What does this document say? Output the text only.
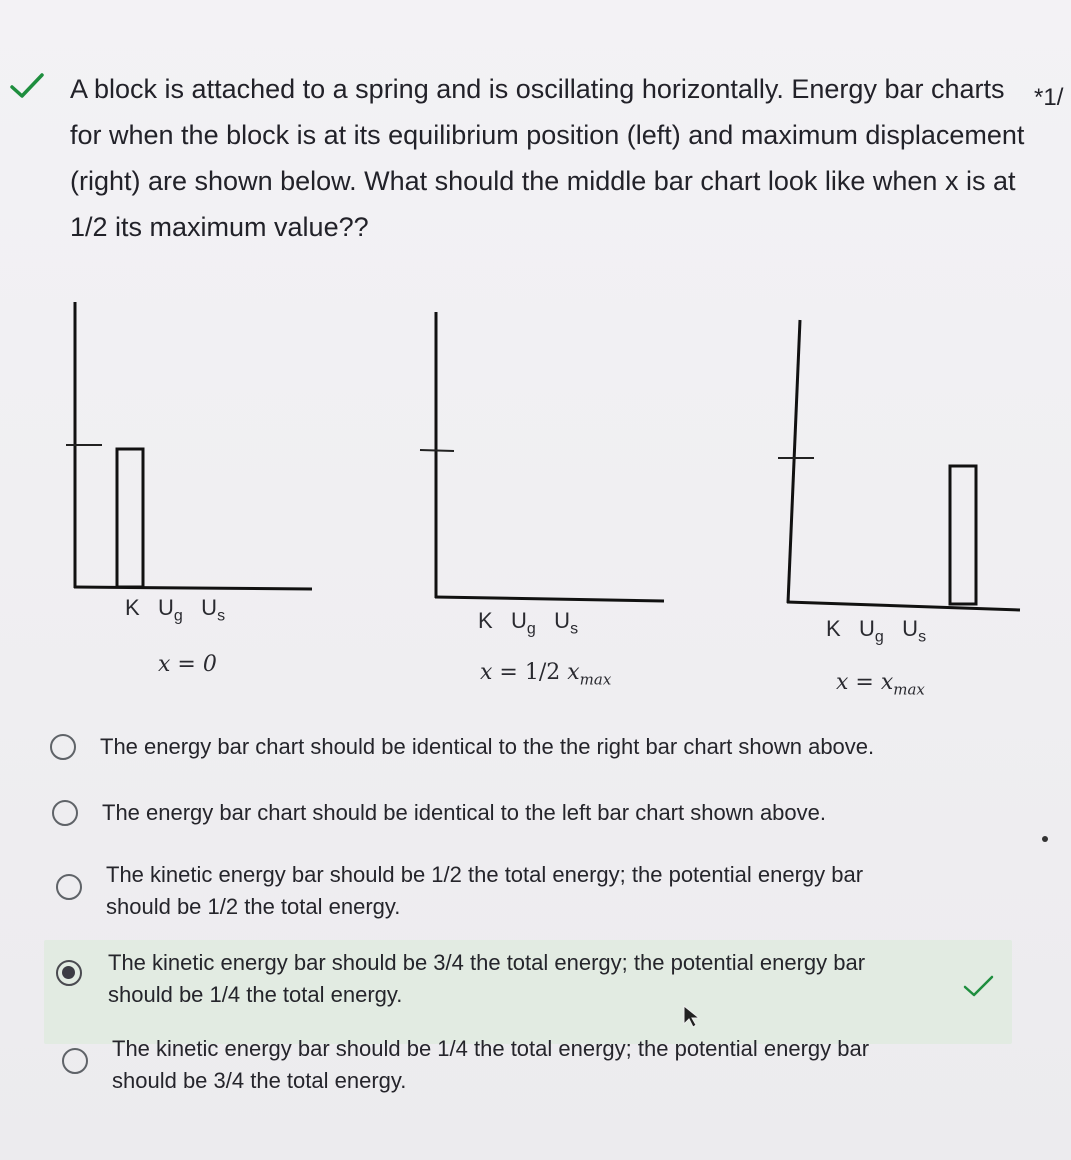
A block is attached to a spring and is oscillating horizontally. Energy bar charts for when the block is at its equilibrium position (left) and maximum displacement (right) are shown below. What should the middle bar chart look like when x is at 1/2 its maximum value??
*1/
K $U_g$ $U_s$
x = 0
K $U_g$ $U_s$
x = 1/2 $x_{max}$
K $U_g$ $U_s$
$x = x_{max}$
The energy bar chart should be identical to the the right bar chart shown above.
The energy bar chart should be identical to the left bar chart shown above.
The kinetic energy bar should be 1/2 the total energy; the potential energy bar
should be 1/2 the total energy.
The kinetic energy bar should be 3/4 the total energy; the potential energy bar
should be 1/4 the total energy.
The kinetic energy bar should be 1/4 the total energy; the potential energy bar
should be 3/4 the total energy.
